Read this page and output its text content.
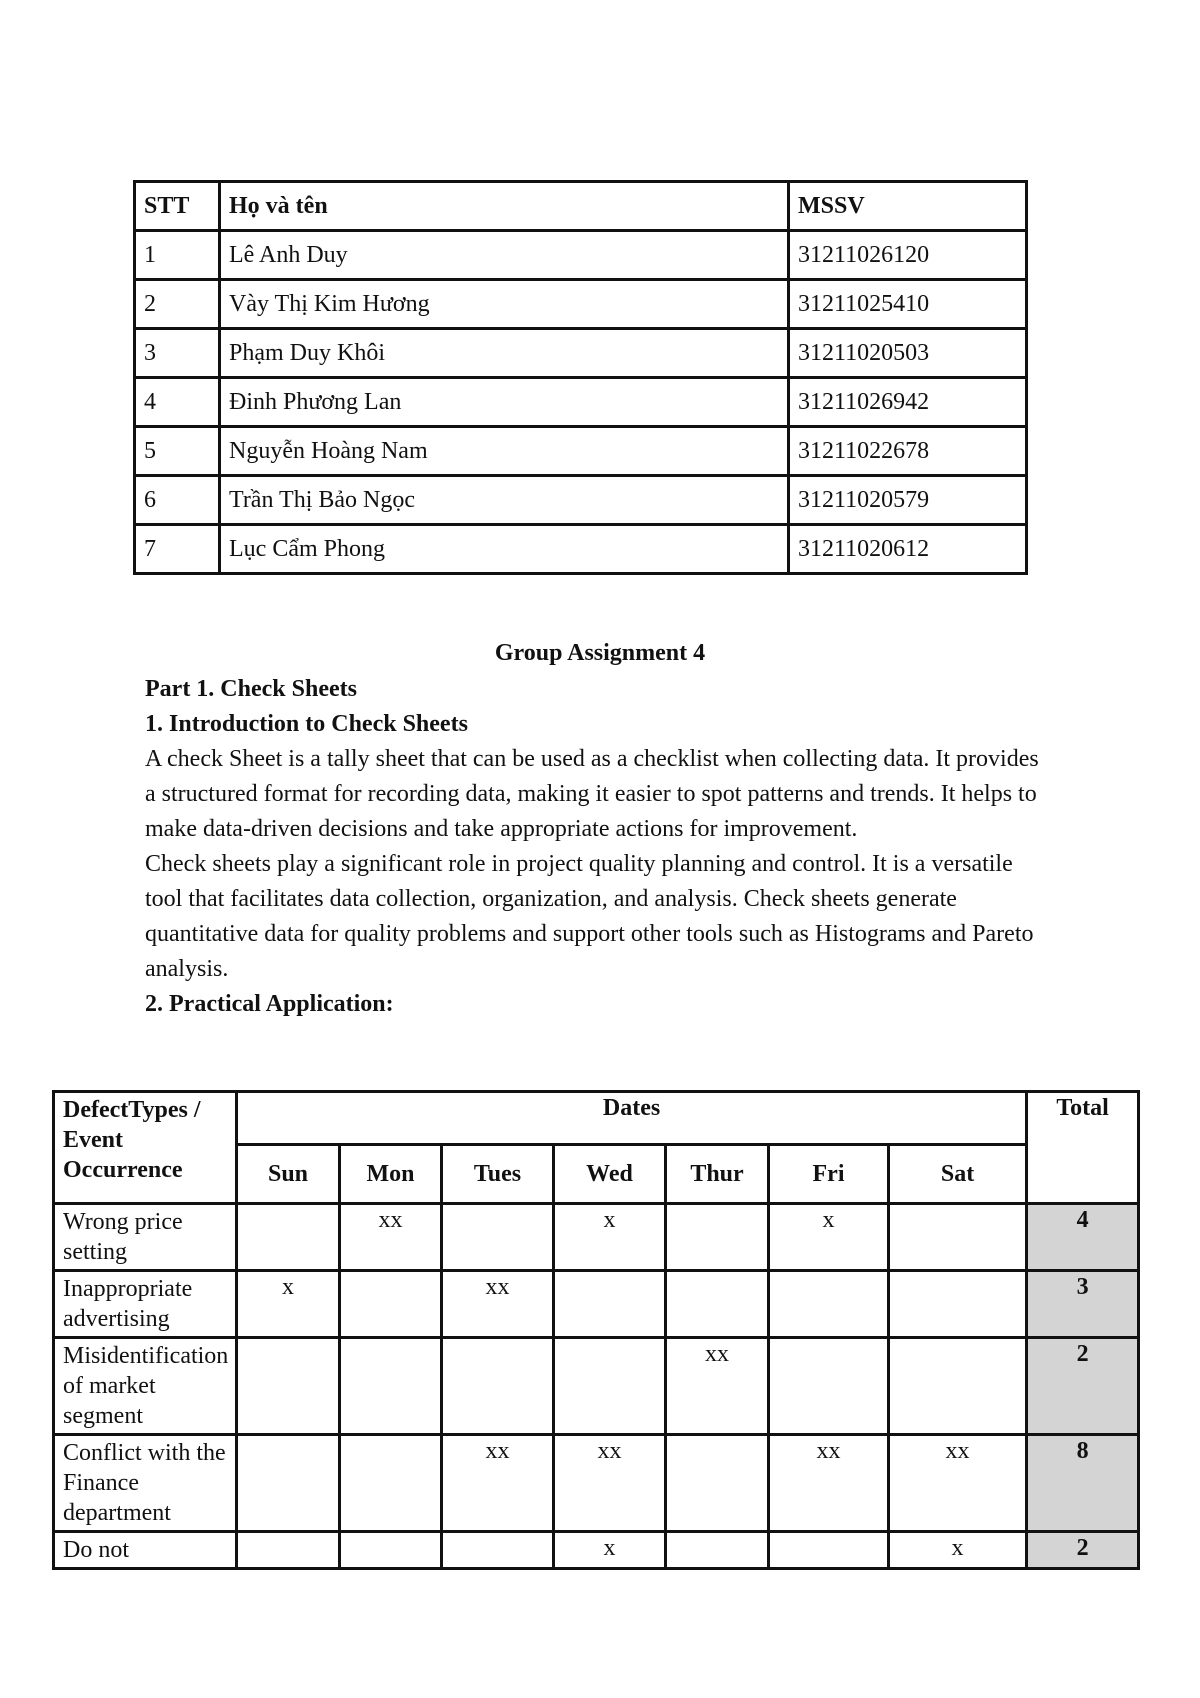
STT	Họ và tên	MSSV
1	Lê Anh Duy	31211026120
2	Vày Thị Kim Hương	31211025410
3	Phạm Duy Khôi	31211020503
4	Đinh Phương Lan	31211026942
5	Nguyễn Hoàng Nam	31211022678
6	Trần Thị Bảo Ngọc	31211020579
7	Lục Cẩm Phong	31211020612
Group Assignment 4

Part 1. Check Sheets

1. Introduction to Check Sheets

A check Sheet is a tally sheet that can be used as a checklist when collecting data. It provides a structured format for recording data, making it easier to spot patterns and trends. It helps to make data-driven decisions and take appropriate actions for improvement.

Check sheets play a significant role in project quality planning and control. It is a versatile tool that facilitates data collection, organization, and analysis. Check sheets generate quantitative data for quality problems and support other tools such as Histograms and Pareto analysis.

2. Practical Application:

DefectTypes / Event Occurrence	Dates							Total
	Sun	Mon	Tues	Wed	Thur	Fri	Sat	
Wrong price setting		xx		x		x		4
Inappropriate advertising	x		xx					3
Misidentification of market segment					xx			2
Conflict with the Finance department			xx	xx		xx	xx	8
Do not				x			x	2
